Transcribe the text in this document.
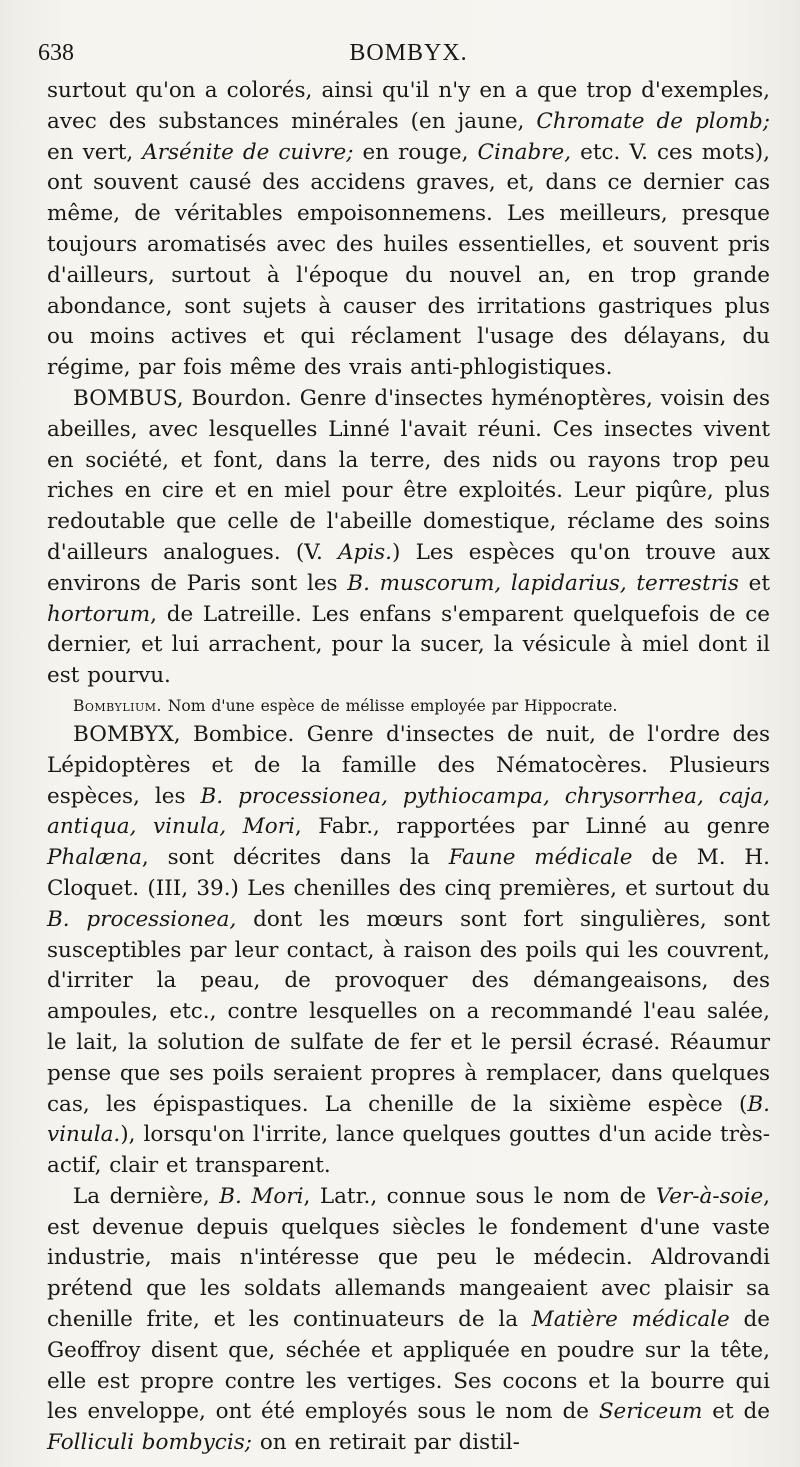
638	BOMBYX.

surtout qu'on a colorés, ainsi qu'il n'y en a que trop d'exemples, avec des substances minérales (en jaune, Chromate de plomb; en vert, Arsénite de cuivre; en rouge, Cinabre, etc. V. ces mots), ont souvent causé des accidens graves, et, dans ce dernier cas même, de véritables empoisonnemens. Les meilleurs, presque toujours aromatisés avec des huiles essentielles, et souvent pris d'ailleurs, surtout à l'époque du nouvel an, en trop grande abondance, sont sujets à causer des irritations gastriques plus ou moins actives et qui réclament l'usage des délayans, du régime, par fois même des vrais anti-phlogistiques.

BOMBUS, Bourdon. Genre d'insectes hyménoptères, voisin des abeilles, avec lesquelles Linné l'avait réuni. Ces insectes vivent en société, et font, dans la terre, des nids ou rayons trop peu riches en cire et en miel pour être exploités. Leur piqûre, plus redoutable que celle de l'abeille domestique, réclame des soins d'ailleurs analogues. (V. Apis.) Les espèces qu'on trouve aux environs de Paris sont les B. muscorum, lapidarius, terrestris et hortorum, de Latreille. Les enfans s'emparent quelquefois de ce dernier, et lui arrachent, pour la sucer, la vésicule à miel dont il est pourvu.

Bombylium. Nom d'une espèce de mélisse employée par Hippocrate.

BOMBYX, Bombice. Genre d'insectes de nuit, de l'ordre des Lépidoptères et de la famille des Nématocères. Plusieurs espèces, les B. processionea, pythiocampa, chrysorrhea, caja, antiqua, vinula, Mori, Fabr., rapportées par Linné au genre Phalæna, sont décrites dans la Faune médicale de M. H. Cloquet. (III, 39.) Les chenilles des cinq premières, et surtout du B. processionea, dont les mœurs sont fort singulières, sont susceptibles par leur contact, à raison des poils qui les couvrent, d'irriter la peau, de provoquer des démangeaisons, des ampoules, etc., contre lesquelles on a recommandé l'eau salée, le lait, la solution de sulfate de fer et le persil écrasé. Réaumur pense que ses poils seraient propres à remplacer, dans quelques cas, les épispastiques. La chenille de la sixième espèce (B. vinula.), lorsqu'on l'irrite, lance quelques gouttes d'un acide très-actif, clair et transparent.

La dernière, B. Mori, Latr., connue sous le nom de Ver-à-soie, est devenue depuis quelques siècles le fondement d'une vaste industrie, mais n'intéresse que peu le médecin. Aldrovandi prétend que les soldats allemands mangeaient avec plaisir sa chenille frite, et les continuateurs de la Matière médicale de Geoffroy disent que, séchée et appliquée en poudre sur la tête, elle est propre contre les vertiges. Ses cocons et la bourre qui les enveloppe, ont été employés sous le nom de Sericeum et de Folliculi bombycis; on en retirait par distil-
